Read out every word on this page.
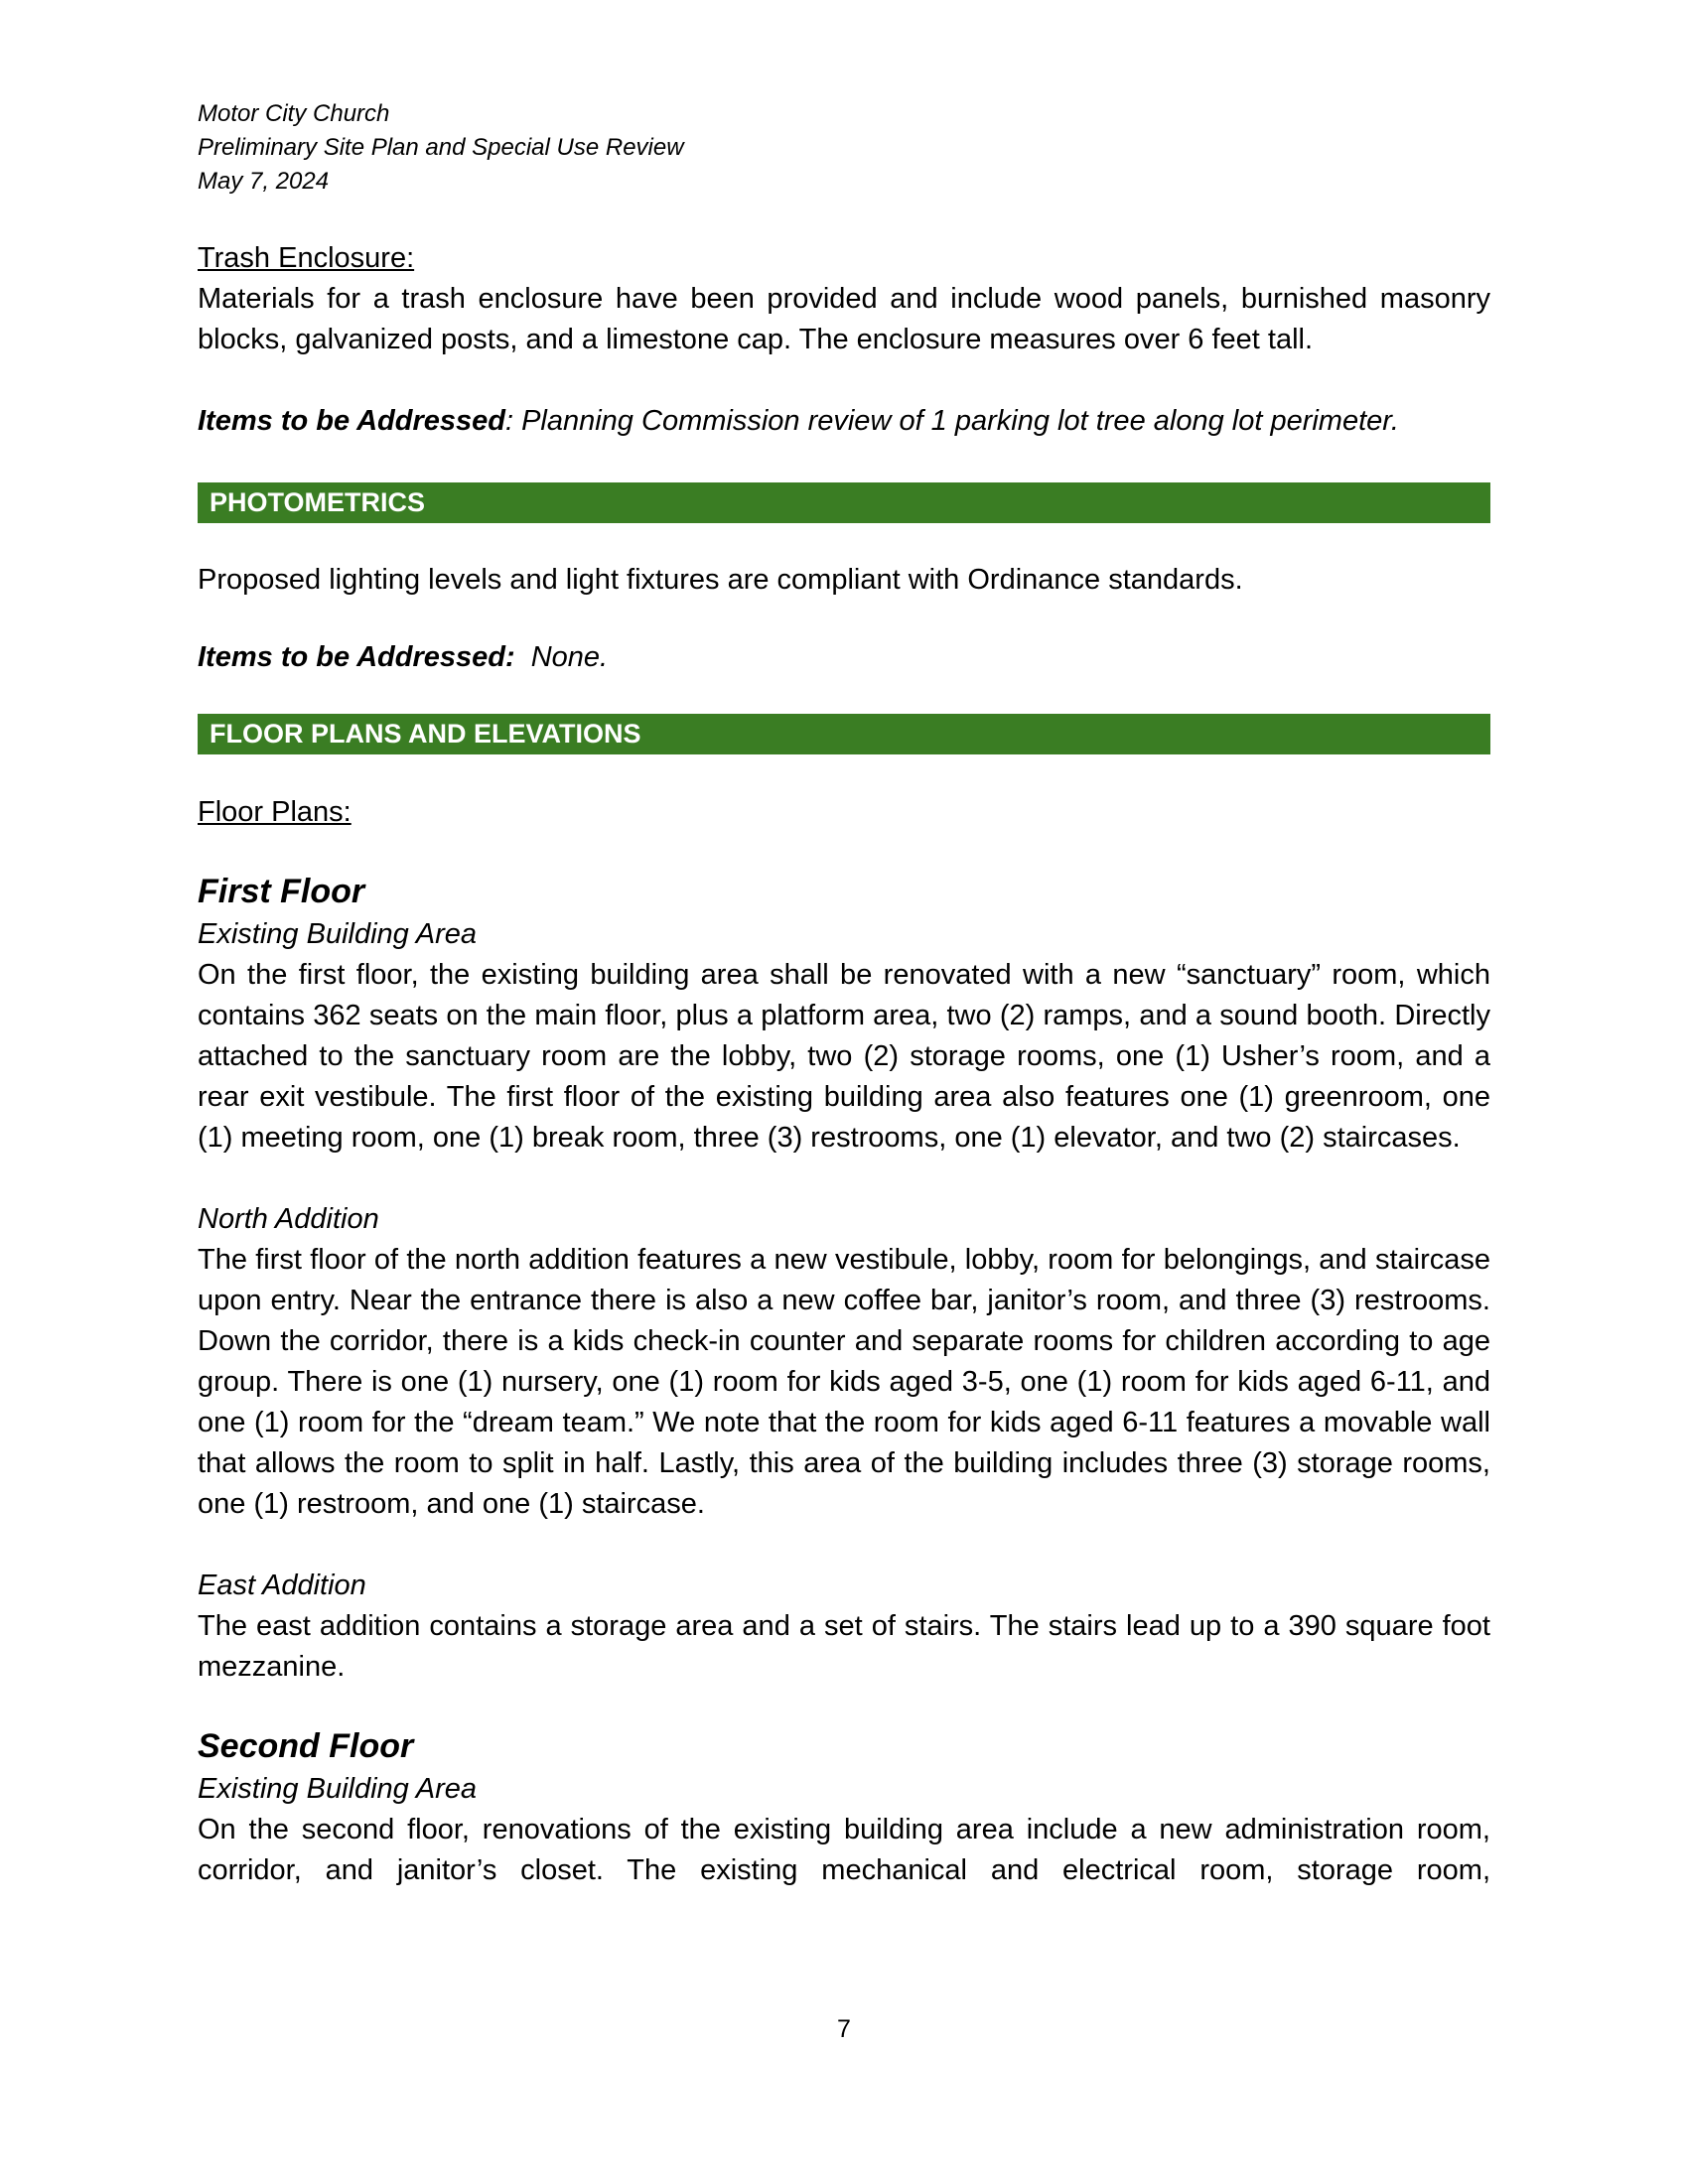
Motor City Church

Preliminary Site Plan and Special Use Review

May 7, 2024

Trash Enclosure:

Materials for a trash enclosure have been provided and include wood panels, burnished masonry blocks, galvanized posts, and a limestone cap. The enclosure measures over 6 feet tall.

Items to be Addressed: Planning Commission review of 1 parking lot tree along lot perimeter.

PHOTOMETRICS

Proposed lighting levels and light fixtures are compliant with Ordinance standards.

Items to be Addressed:  None.

FLOOR PLANS AND ELEVATIONS

Floor Plans:

First Floor

Existing Building Area

On the first floor, the existing building area shall be renovated with a new “sanctuary” room, which contains 362 seats on the main floor, plus a platform area, two (2) ramps, and a sound booth. Directly attached to the sanctuary room are the lobby, two (2) storage rooms, one (1) Usher’s room, and a rear exit vestibule. The first floor of the existing building area also features one (1) greenroom, one (1) meeting room, one (1) break room, three (3) restrooms, one (1) elevator, and two (2) staircases.

North Addition

The first floor of the north addition features a new vestibule, lobby, room for belongings, and staircase upon entry. Near the entrance there is also a new coffee bar, janitor’s room, and three (3) restrooms. Down the corridor, there is a kids check-in counter and separate rooms for children according to age group. There is one (1) nursery, one (1) room for kids aged 3-5, one (1) room for kids aged 6-11, and one (1) room for the “dream team.” We note that the room for kids aged 6-11 features a movable wall that allows the room to split in half. Lastly, this area of the building includes three (3) storage rooms, one (1) restroom, and one (1) staircase.

East Addition

The east addition contains a storage area and a set of stairs. The stairs lead up to a 390 square foot mezzanine.

Second Floor

Existing Building Area

On the second floor, renovations of the existing building area include a new administration room, corridor, and janitor’s closet. The existing mechanical and electrical room, storage room,

7
